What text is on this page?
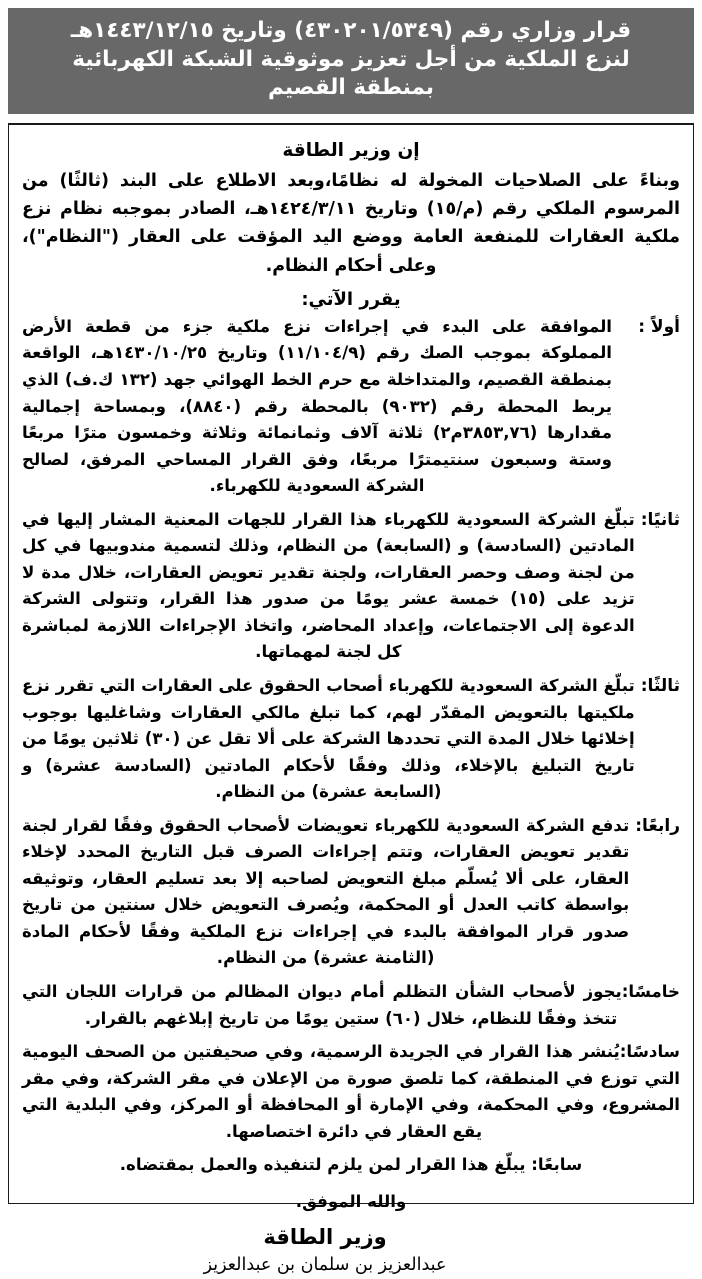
قرار وزاري رقم (٤٣٠٢٠١/٥٣٤٩) وتاريخ ١٤٤٣/١٢/١٥هـ
لنزع الملكية من أجل تعزيز موثوقية الشبكة الكهربائية
بمنطقة القصيم
إن وزير الطاقة
وبناءً على الصلاحيات المخولة له نظامًا،وبعد الاطلاع على البند (ثالثًا) من المرسوم الملكي رقم (م/١٥) وتاريخ ١٤٢٤/٣/١١هـ، الصادر بموجبه نظام نزع ملكية العقارات للمنفعة العامة ووضع اليد المؤقت على العقار ("النظام")، وعلى أحكام النظام.
يقرر الآتي:
أولاً :
الموافقة على البدء في إجراءات نزع ملكية جزء من قطعة الأرض المملوكة بموجب الصك رقم (١١/١٠٤/٩) وتاريخ ١٤٣٠/١٠/٢٥هـ، الواقعة بمنطقة القصيم، والمتداخلة مع حرم الخط الهوائي جهد (١٣٢ ك.ف) الذي يربط المحطة رقم (٩٠٣٢) بالمحطة رقم (٨٨٤٠)، وبمساحة إجمالية مقدارها (٣٨٥٣,٧٦م٢) ثلاثة آلاف وثمانمائة وثلاثة وخمسون مترًا مربعًا وستة وسبعون سنتيمترًا مربعًا، وفق القرار المساحي المرفق، لصالح الشركة السعودية للكهرباء.
ثانيًا:
تبلّغ الشركة السعودية للكهرباء هذا القرار للجهات المعنية المشار إليها في المادتين (السادسة) و (السابعة) من النظام، وذلك لتسمية مندوبيها في كل من لجنة وصف وحصر العقارات، ولجنة تقدير تعويض العقارات، خلال مدة لا تزيد على (١٥) خمسة عشر يومًا من صدور هذا القرار، وتتولى الشركة الدعوة إلى الاجتماعات، وإعداد المحاضر، واتخاذ الإجراءات اللازمة لمباشرة كل لجنة لمهماتها.
ثالثًا:
تبلّغ الشركة السعودية للكهرباء أصحاب الحقوق على العقارات التي تقرر نزع ملكيتها بالتعويض المقدّر لهم، كما تبلغ مالكي العقارات وشاغليها بوجوب إخلائها خلال المدة التي تحددها الشركة على ألا تقل عن (٣٠) ثلاثين يومًا من تاريخ التبليغ بالإخلاء، وذلك وفقًا لأحكام المادتين (السادسة عشرة) و (السابعة عشرة) من النظام.
رابعًا:
تدفع الشركة السعودية للكهرباء تعويضات لأصحاب الحقوق وفقًا لقرار لجنة تقدير تعويض العقارات، وتتم إجراءات الصرف قبل التاريخ المحدد لإخلاء العقار، على ألا يُسلّم مبلغ التعويض لصاحبه إلا بعد تسليم العقار، وتوثيقه بواسطة كاتب العدل أو المحكمة، ويُصرف التعويض خلال سنتين من تاريخ صدور قرار الموافقة بالبدء في إجراءات نزع الملكية وفقًا لأحكام المادة (الثامنة عشرة) من النظام.
خامسًا:يجوز لأصحاب الشأن التظلم أمام ديوان المظالم من قرارات اللجان التي تتخذ وفقًا للنظام، خلال (٦٠) ستين يومًا من تاريخ إبلاغهم بالقرار.
سادسًا:يُنشر هذا القرار في الجريدة الرسمية، وفي صحيفتين من الصحف اليومية التي توزع في المنطقة، كما تلصق صورة من الإعلان في مقر الشركة، وفي مقر المشروع، وفي المحكمة، وفي الإمارة أو المحافظة أو المركز، وفي البلدية التي يقع العقار في دائرة اختصاصها.
سابعًا: يبلّغ هذا القرار لمن يلزم لتنفيذه والعمل بمقتضاه.
والله الموفق.
وزير الطاقة
عبدالعزيز بن سلمان بن عبدالعزيز
